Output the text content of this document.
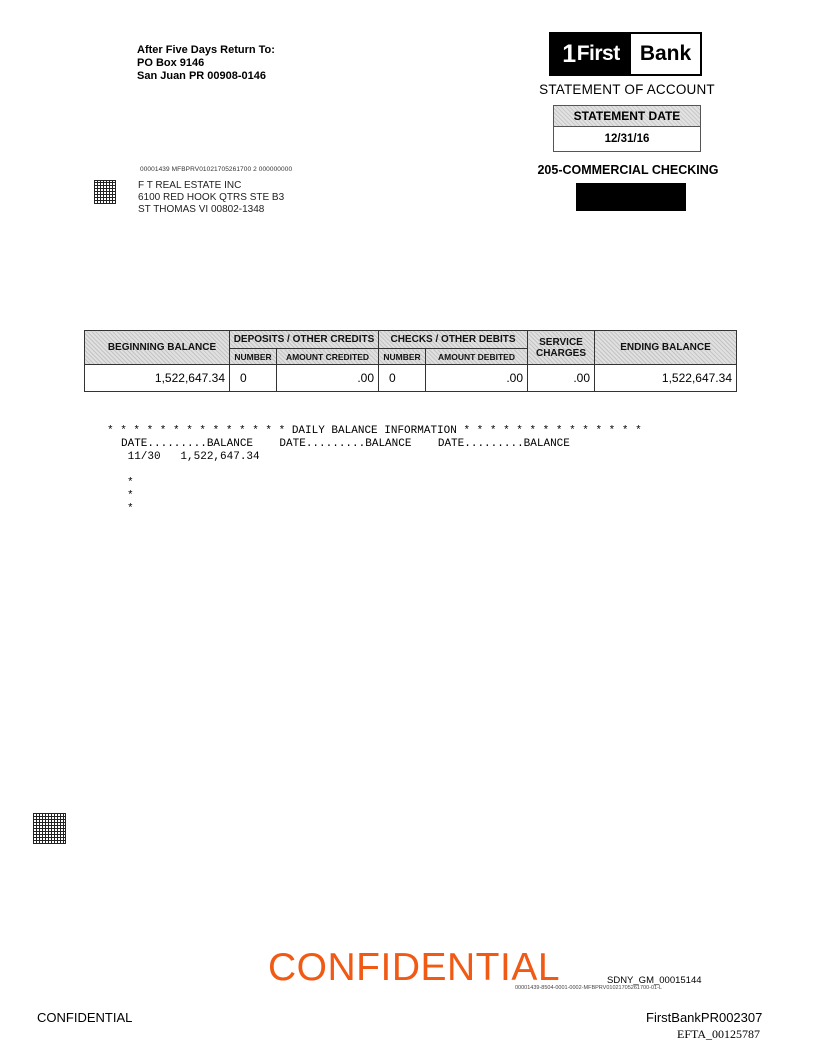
After Five Days Return To:
PO Box 9146
San Juan PR 00908-0146
1 First Bank
STATEMENT OF ACCOUNT
STATEMENT DATE
12/31/16
205-COMMERCIAL CHECKING
00001439 MFBPRV01021705261700 2 000000000
F T REAL ESTATE INC
6100 RED HOOK QTRS STE B3
ST THOMAS VI 00802-1348
BEGINNING BALANCE	DEPOSITS / OTHER CREDITS		CHECKS / OTHER DEBITS		SERVICE CHARGES	ENDING BALANCE
	NUMBER	AMOUNT CREDITED	NUMBER	AMOUNT DEBITED		
1,522,647.34	0	.00	0	.00	.00	1,522,647.34
* * * * * * * * * * * * * * DAILY BALANCE INFORMATION * * * * * * * * * * * * * *
DATE.........BALANCE    DATE.........BALANCE    DATE.........BALANCE
11/30   1,522,647.34
*
*
*
CONFIDENTIAL	SDNY_GM_00015144
00001439-8504-0001-0002-MFBPRV01021705261700-01-L
CONFIDENTIAL	FirstBankPR002307
EFTA_00125787
